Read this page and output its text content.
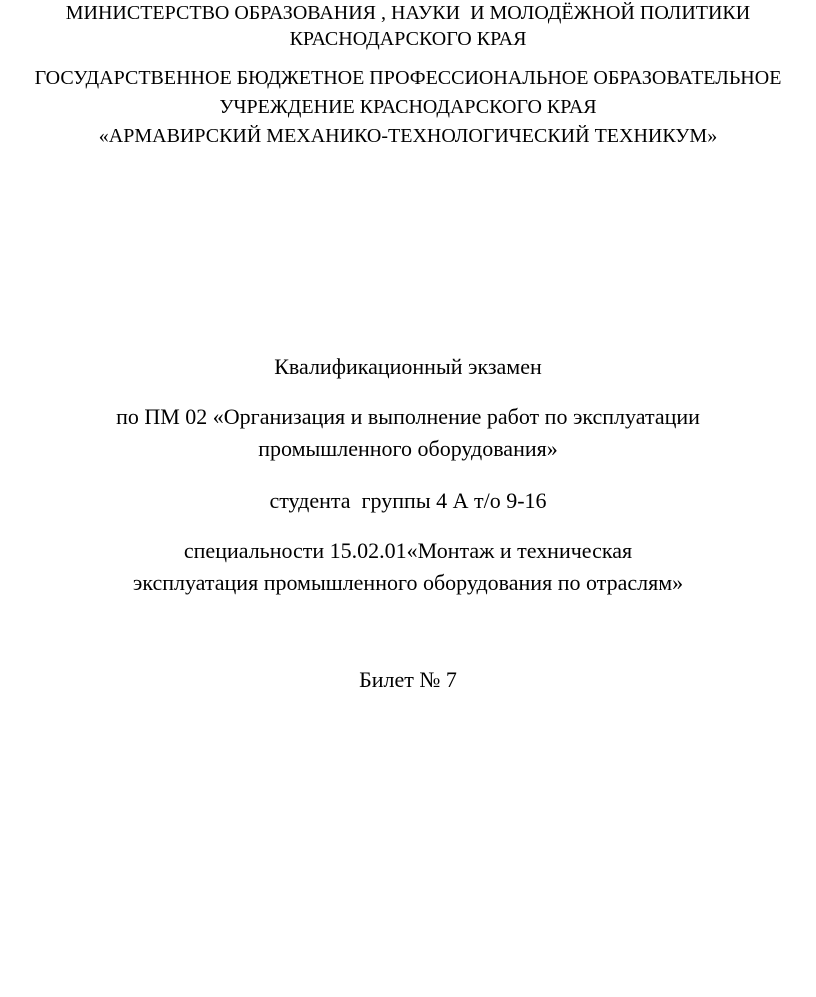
МИНИСТЕРСТВО ОБРАЗОВАНИЯ , НАУКИ  И МОЛОДЁЖНОЙ ПОЛИТИКИ
КРАСНОДАРСКОГО КРАЯ
ГОСУДАРСТВЕННОЕ БЮДЖЕТНОЕ ПРОФЕССИОНАЛЬНОЕ ОБРАЗОВАТЕЛЬНОЕ
УЧРЕЖДЕНИЕ КРАСНОДАРСКОГО КРАЯ
«АРМАВИРСКИЙ МЕХАНИКО-ТЕХНОЛОГИЧЕСКИЙ ТЕХНИКУМ»
Квалификационный экзамен
по ПМ 02 «Организация и выполнение работ по эксплуатации
промышленного оборудования»
студента  группы 4 А т/о 9-16
специальности 15.02.01«Монтаж и техническая
эксплуатация промышленного оборудования по отраслям»
Билет № 7
